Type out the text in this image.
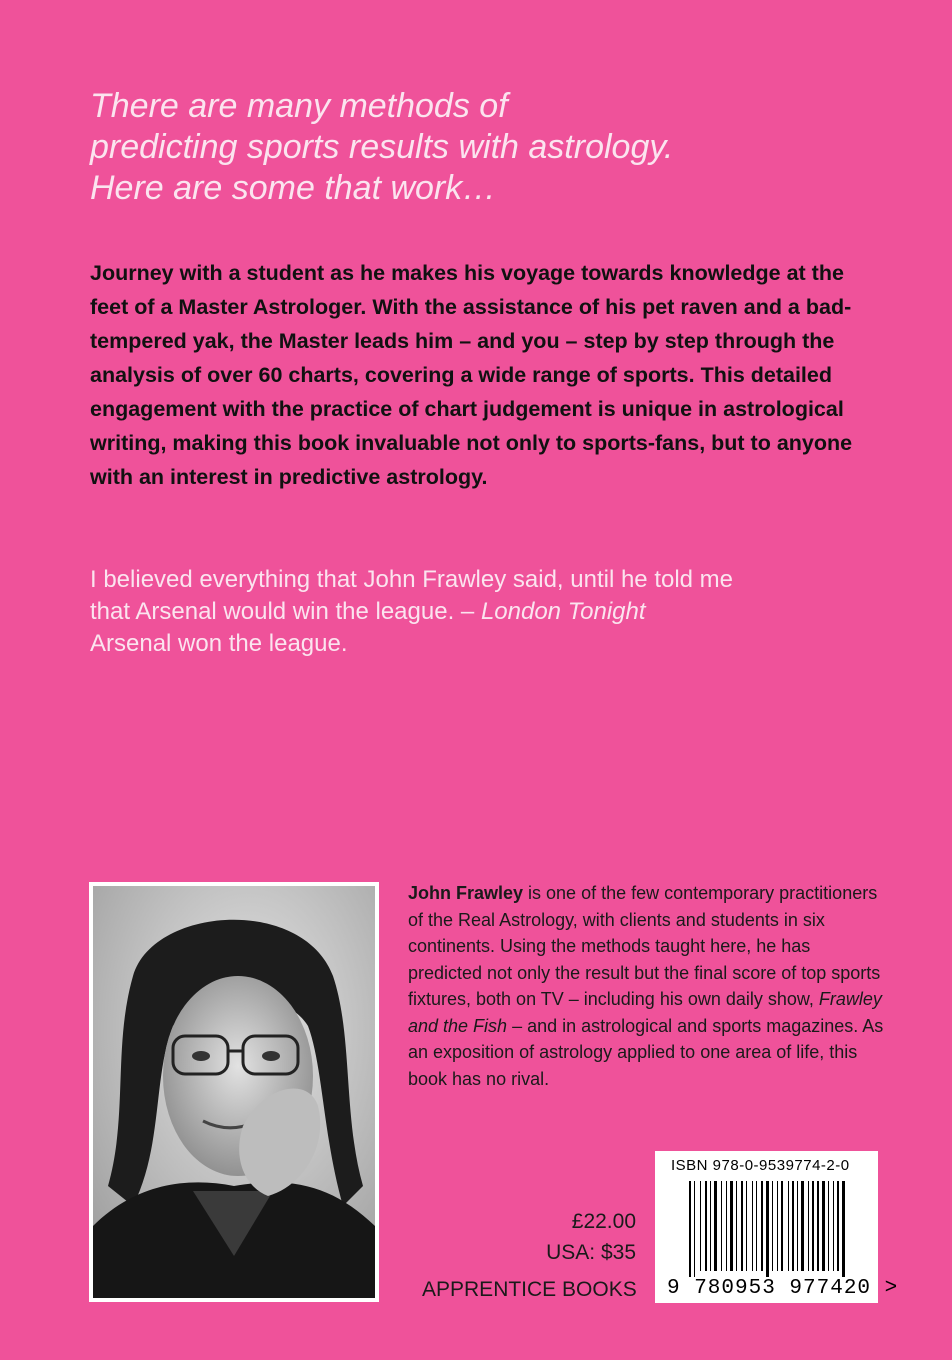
There are many methods of
predicting sports results with astrology.
Here are some that work…
Journey with a student as he makes his voyage towards knowledge at the feet of a Master Astrologer. With the assistance of his pet raven and a bad-tempered yak, the Master leads him – and you – step by step through the analysis of over 60 charts, covering a wide range of sports. This detailed engagement with the practice of chart judgement is unique in astrological writing, making this book invaluable not only to sports-fans, but to anyone with an interest in predictive astrology.
I believed everything that John Frawley said, until he told me
that Arsenal would win the league. – London Tonight
Arsenal won the league.
John Frawley is one of the few contemporary practitioners of the Real Astrology, with clients and students in six continents. Using the methods taught here, he has predicted not only the result but the final score of top sports fixtures, both on TV – including his own daily show, Frawley and the Fish – and in astrological and sports magazines. As an exposition of astrology applied to one area of life, this book has no rival.
£22.00
USA: $35
APPRENTICE BOOKS
ISBN 978-0-9539774-2-0
9 780953 977420 >
